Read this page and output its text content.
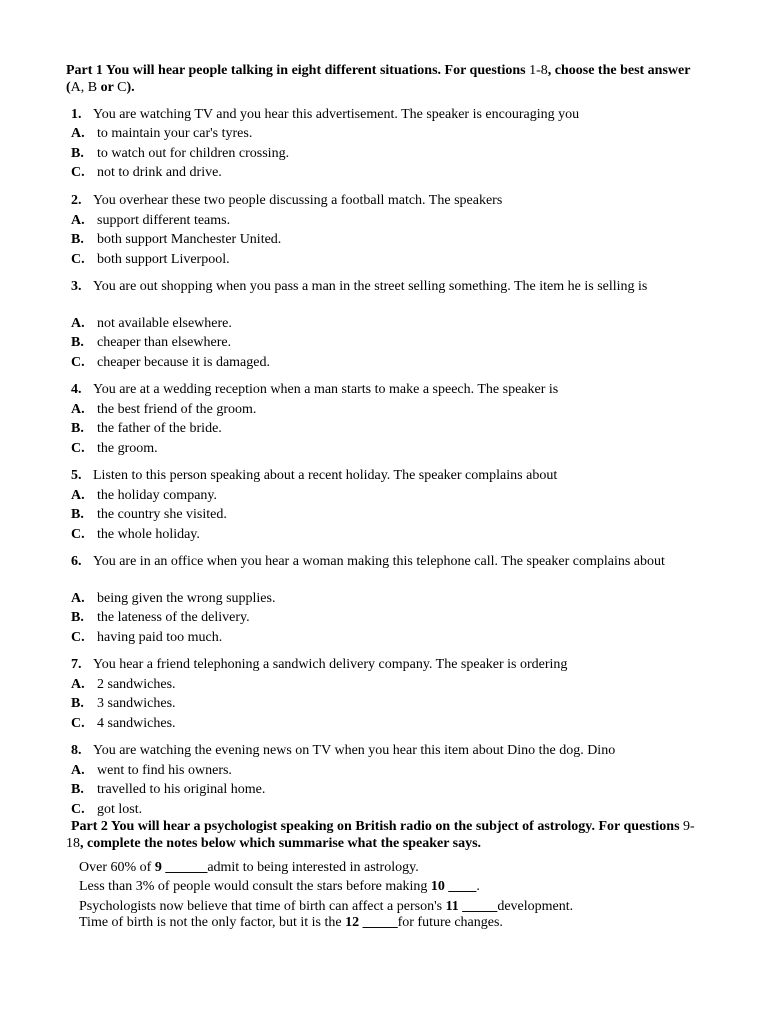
Part 1 You will hear people talking in eight different situations. For questions 1-8, choose the best answer (A, B or C).
1. You are watching TV and you hear this advertisement. The speaker is encouraging you
A. to maintain your car's tyres.
B. to watch out for children crossing.
C. not to drink and drive.
2. You overhear these two people discussing a football match. The speakers
A. support different teams.
B. both support Manchester United.
C. both support Liverpool.
3. You are out shopping when you pass a man in the street selling something. The item he is selling is
A. not available elsewhere.
B. cheaper than elsewhere.
C. cheaper because it is damaged.
4. You are at a wedding reception when a man starts to make a speech. The speaker is
A. the best friend of the groom.
B. the father of the bride.
C. the groom.
5. Listen to this person speaking about a recent holiday. The speaker complains about
A. the holiday company.
B. the country she visited.
C. the whole holiday.
6. You are in an office when you hear a woman making this telephone call. The speaker complains about
A. being given the wrong supplies.
B. the lateness of the delivery.
C. having paid too much.
7. You hear a friend telephoning a sandwich delivery company. The speaker is ordering
A. 2 sandwiches.
B. 3 sandwiches.
C. 4 sandwiches.
8. You are watching the evening news on TV when you hear this item about Dino the dog. Dino
A. went to find his owners.
B. travelled to his original home.
C. got lost.
Part 2 You will hear a psychologist speaking on British radio on the subject of astrology. For questions 9-18, complete the notes below which summarise what the speaker says.
Over 60% of 9 ______admit to being interested in astrology.
Less than 3% of people would consult the stars before making 10 ____.
Psychologists now believe that time of birth can affect a person's 11 _____development.
Time of birth is not the only factor, but it is the 12 _____for future changes.
